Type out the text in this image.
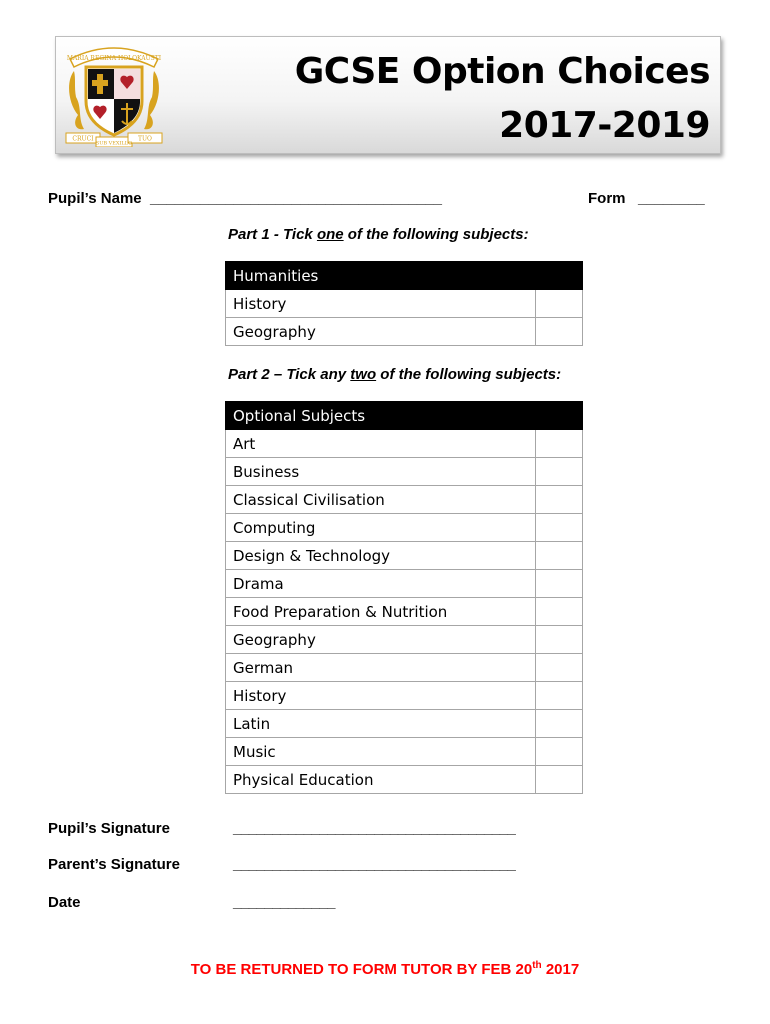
MARIA REGINA HOLOKAUSTI
CRUCI
SUB VEXILLO
TUO
GCSE Option Choices
2017-2019
Pupil’s Name ___________________________________	Form ________
Part 1 - Tick one of the following subjects:
Humanities	
History	
Geography	
Part 2 – Tick any two of the following subjects:
Optional Subjects	
Art	
Business	
Classical Civilisation	
Computing	
Design & Technology	
Drama	
Food Preparation & Nutrition	
Geography	
German	
History	
Latin	
Music	
Physical Education	
Pupil’s Signature	____________________________________
Parent’s Signature	____________________________________
Date	_____________
TO BE RETURNED TO FORM TUTOR BY FEB 20th 2017
